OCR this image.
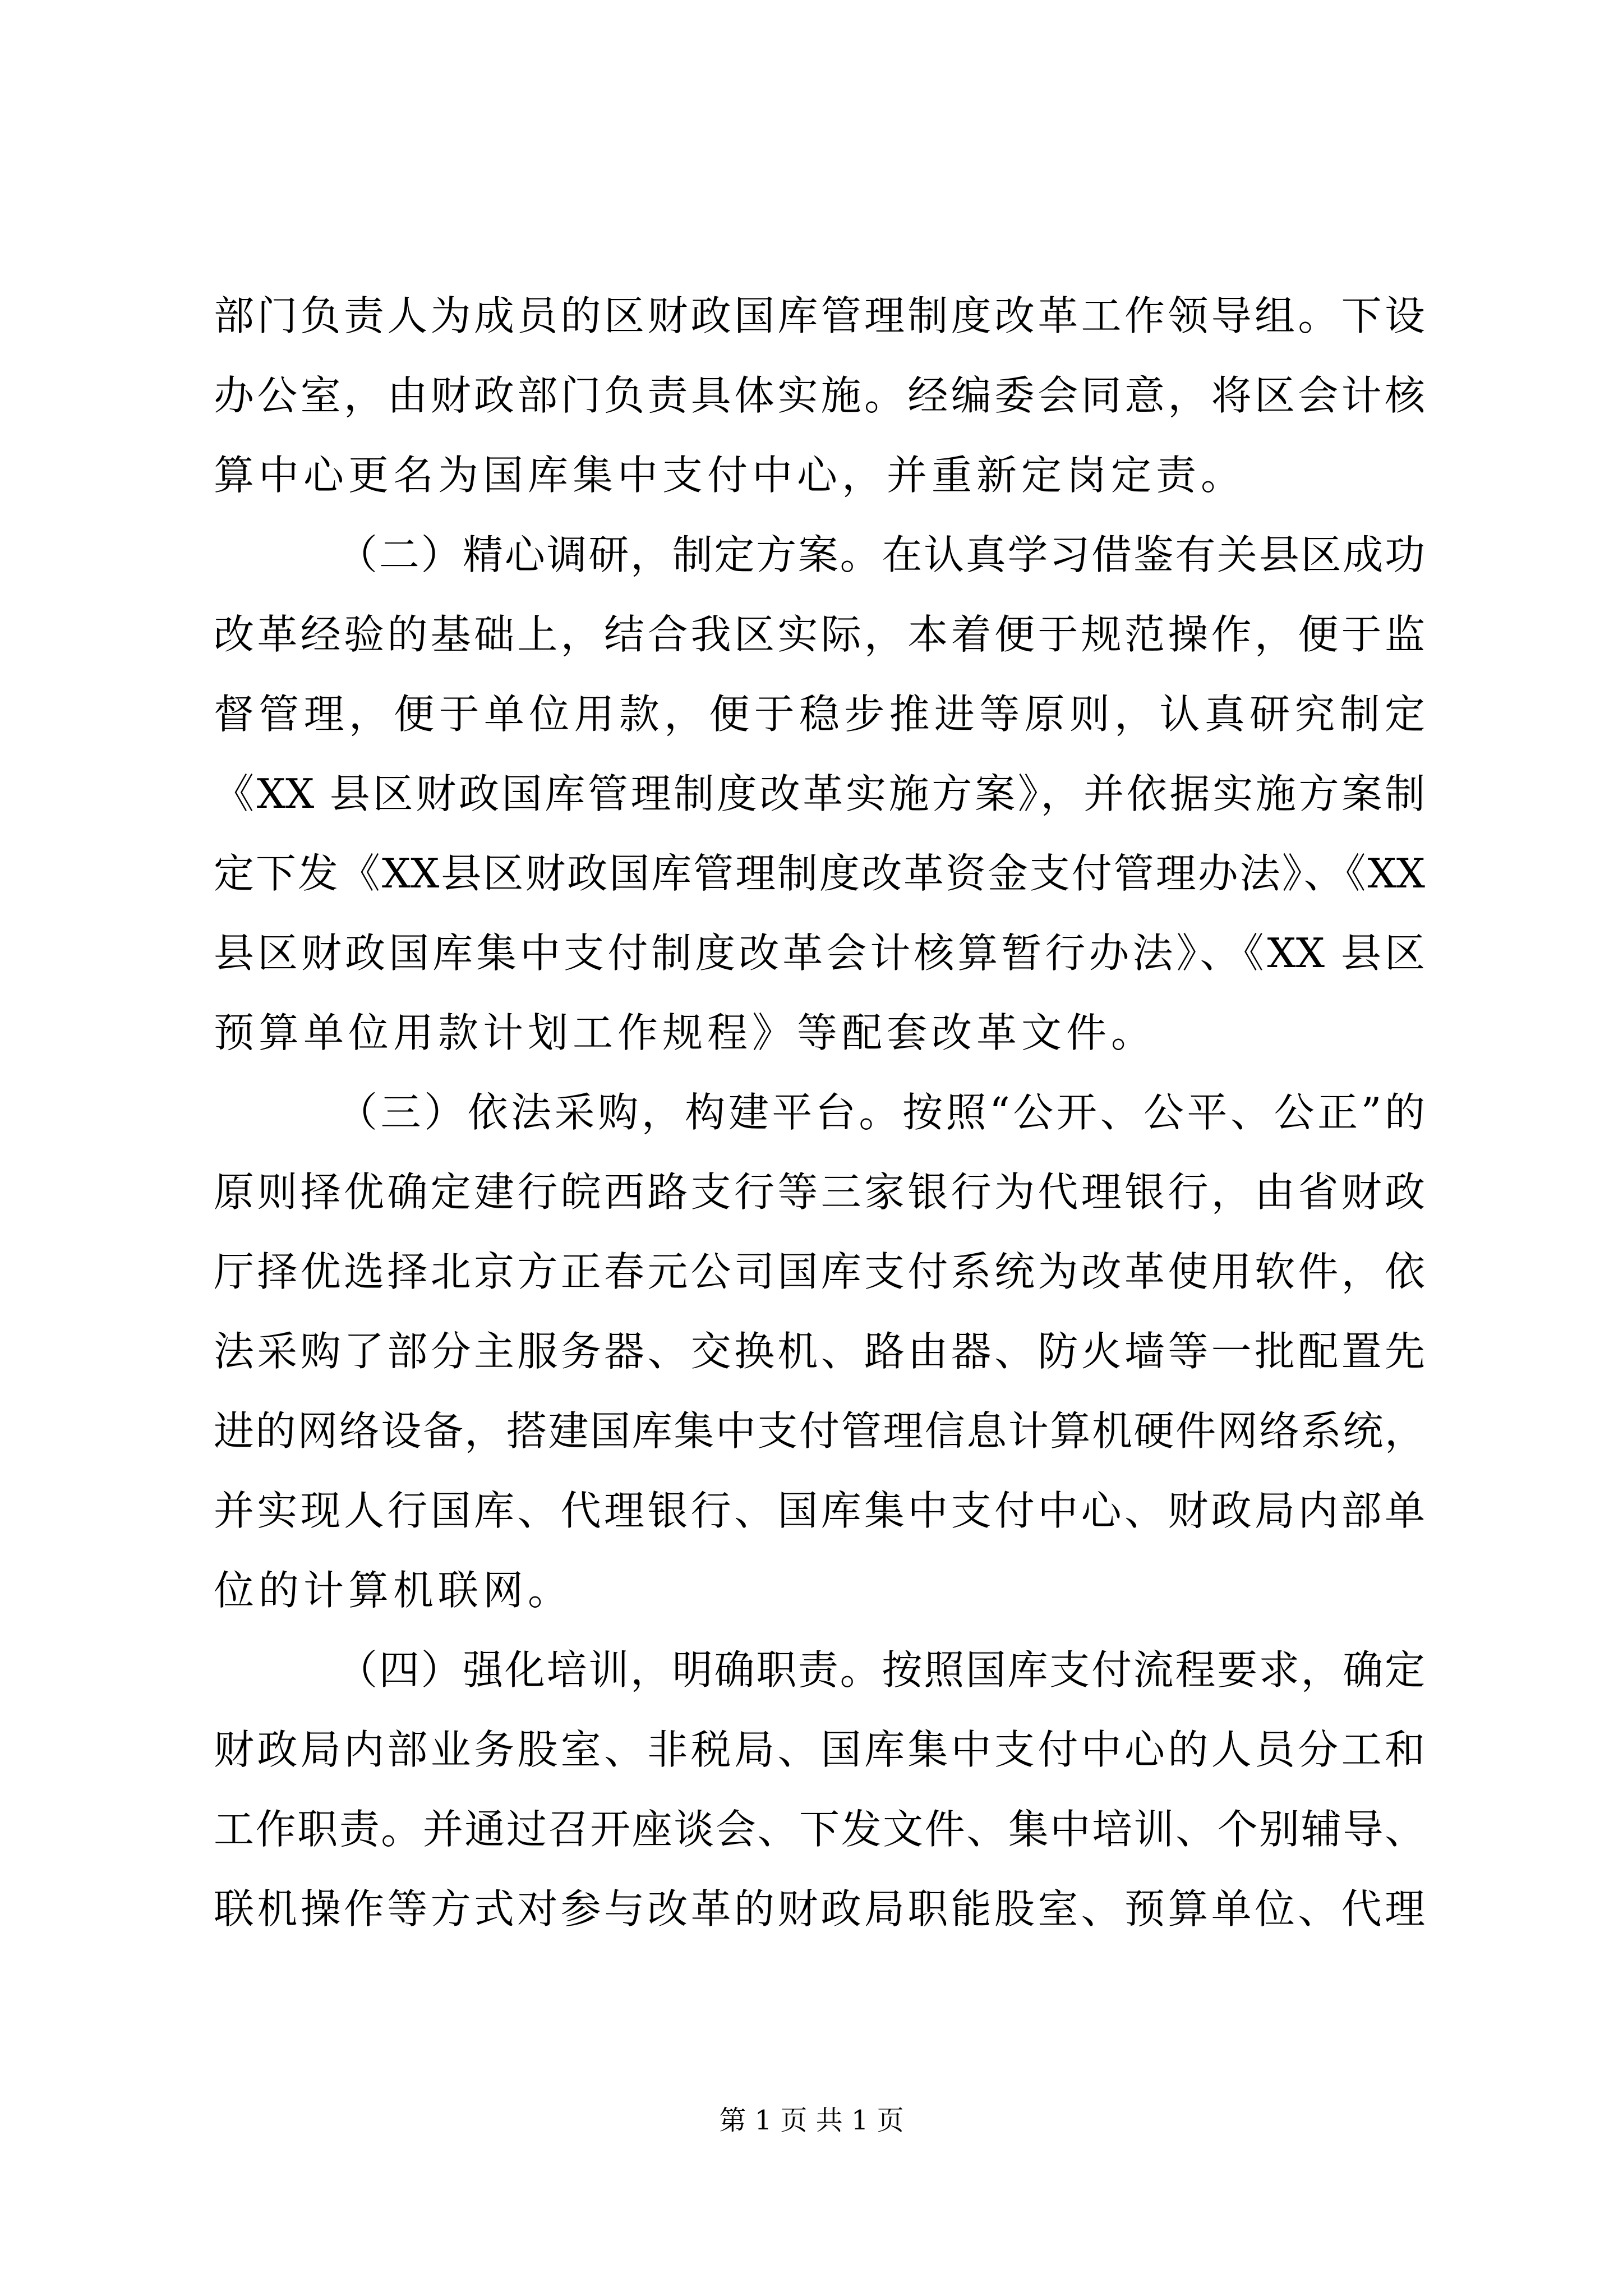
部门负责人为成员的区财政国库管理制度改革工作领导组。下设
办公室，由财政部门负责具体实施。经编委会同意，将区会计核
算中心更名为国库集中支付中心，并重新定岗定责。
（二）精心调研，制定方案。在认真学习借鉴有关县区成功
改革经验的基础上，结合我区实际，本着便于规范操作，便于监
督管理，便于单位用款，便于稳步推进等原则，认真研究制定
《XX 县区财政国库管理制度改革实施方案》，并依据实施方案制
定下发《XX县区财政国库管理制度改革资金支付管理办法》、《XX
县区财政国库集中支付制度改革会计核算暂行办法》、《XX 县区
预算单位用款计划工作规程》等配套改革文件。
（三）依法采购，构建平台。按照“公开、公平、公正”的
原则择优确定建行皖西路支行等三家银行为代理银行，由省财政
厅择优选择北京方正春元公司国库支付系统为改革使用软件，依
法采购了部分主服务器、交换机、路由器、防火墙等一批配置先
进的网络设备，搭建国库集中支付管理信息计算机硬件网络系统，
并实现人行国库、代理银行、国库集中支付中心、财政局内部单
位的计算机联网。
（四）强化培训，明确职责。按照国库支付流程要求，确定
财政局内部业务股室、非税局、国库集中支付中心的人员分工和
工作职责。并通过召开座谈会、下发文件、集中培训、个别辅导、
联机操作等方式对参与改革的财政局职能股室、预算单位、代理
第 1 页 共 1 页
